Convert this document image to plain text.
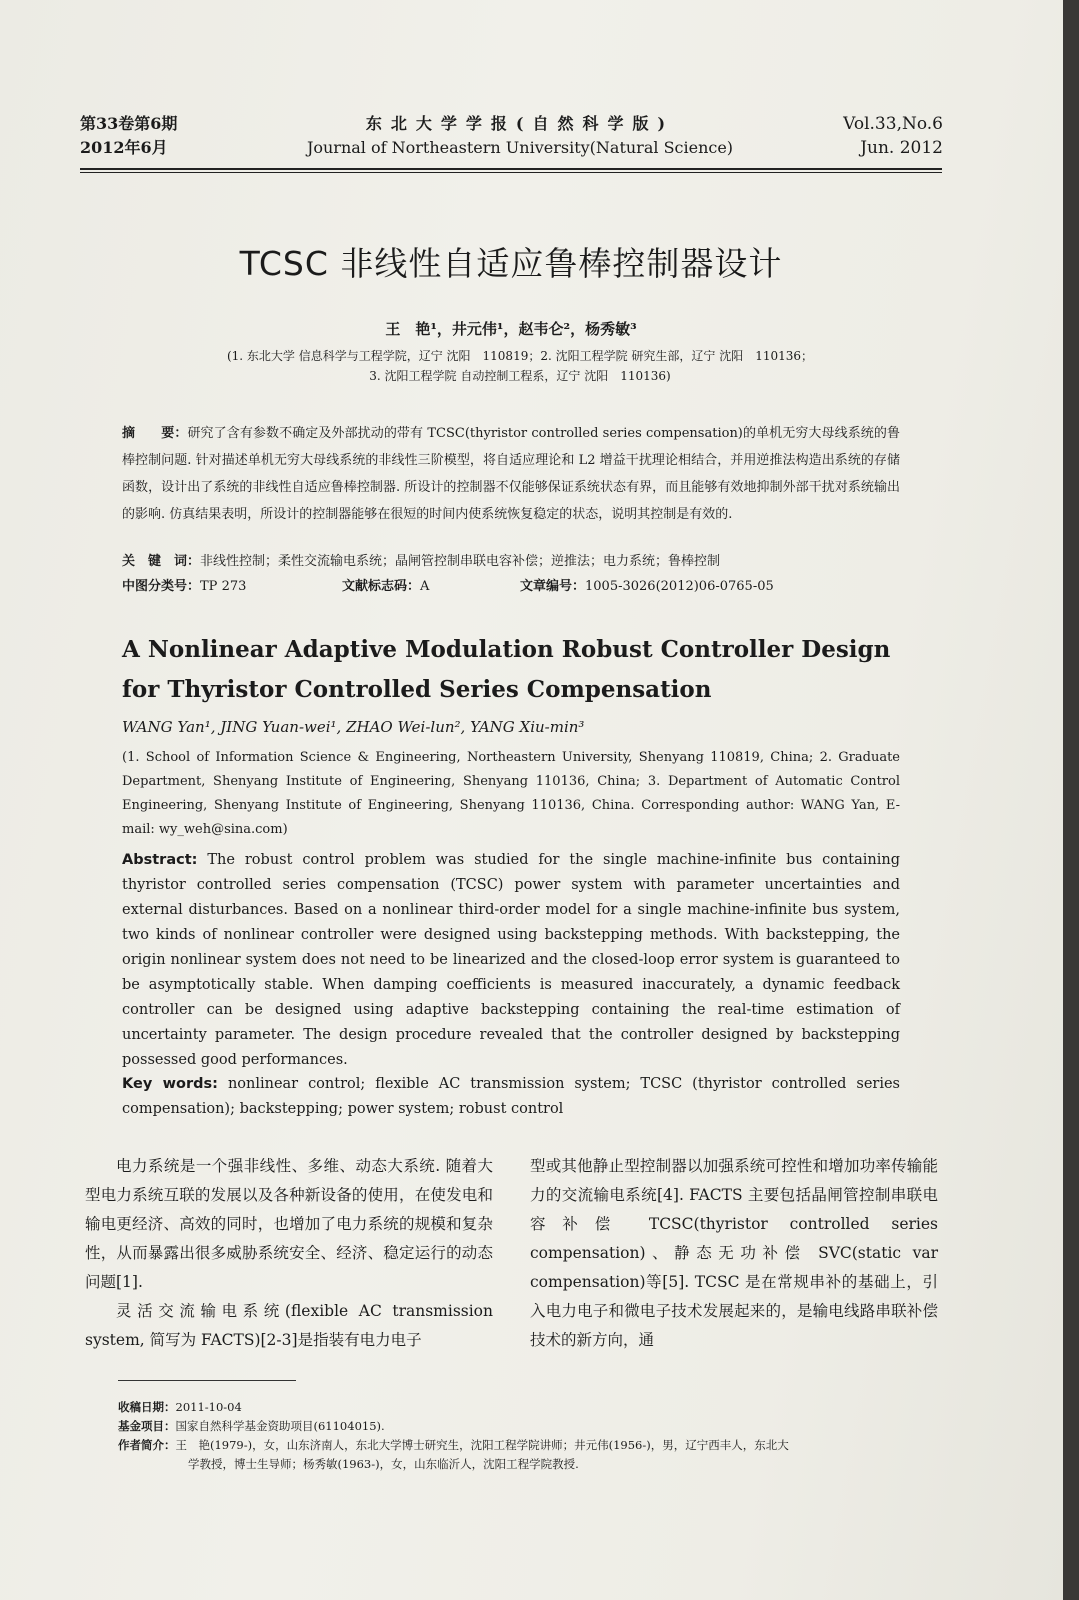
第33卷第6期
2012年6月
东北大学学报(自然科学版)
Journal of Northeastern University(Natural Science)
Vol.33,No.6
Jun. 2012
TCSC 非线性自适应鲁棒控制器设计
王　艳¹，井元伟¹，赵韦仑²，杨秀敏³
(1. 东北大学 信息科学与工程学院，辽宁 沈阳　110819；2. 沈阳工程学院 研究生部，辽宁 沈阳　110136；
3. 沈阳工程学院 自动控制工程系，辽宁 沈阳　110136)
摘　　要：研究了含有参数不确定及外部扰动的带有 TCSC(thyristor controlled series compensation)的单机无穷大母线系统的鲁棒控制问题. 针对描述单机无穷大母线系统的非线性三阶模型，将自适应理论和 L2 增益干扰理论相结合，并用逆推法构造出系统的存储函数，设计出了系统的非线性自适应鲁棒控制器. 所设计的控制器不仅能够保证系统状态有界，而且能够有效地抑制外部干扰对系统输出的影响. 仿真结果表明，所设计的控制器能够在很短的时间内使系统恢复稳定的状态，说明其控制是有效的.
关　键　词：非线性控制；柔性交流输电系统；晶闸管控制串联电容补偿；逆推法；电力系统；鲁棒控制
中图分类号：TP 273	文献标志码：A	文章编号：1005-3026(2012)06-0765-05
A Nonlinear Adaptive Modulation Robust Controller Design for Thyristor Controlled Series Compensation
WANG Yan¹, JING Yuan-wei¹, ZHAO Wei-lun², YANG Xiu-min³
(1. School of Information Science & Engineering, Northeastern University, Shenyang 110819, China; 2. Graduate Department, Shenyang Institute of Engineering, Shenyang 110136, China; 3. Department of Automatic Control Engineering, Shenyang Institute of Engineering, Shenyang 110136, China. Corresponding author: WANG Yan, E-mail: wy_weh@sina.com)
Abstract: The robust control problem was studied for the single machine-infinite bus containing thyristor controlled series compensation (TCSC) power system with parameter uncertainties and external disturbances. Based on a nonlinear third-order model for a single machine-infinite bus system, two kinds of nonlinear controller were designed using backstepping methods. With backstepping, the origin nonlinear system does not need to be linearized and the closed-loop error system is guaranteed to be asymptotically stable. When damping coefficients is measured inaccurately, a dynamic feedback controller can be designed using adaptive backstepping containing the real-time estimation of uncertainty parameter. The design procedure revealed that the controller designed by backstepping possessed good performances.
Key words: nonlinear control; flexible AC transmission system; TCSC (thyristor controlled series compensation); backstepping; power system; robust control

电力系统是一个强非线性、多维、动态大系统. 随着大型电力系统互联的发展以及各种新设备的使用，在使发电和输电更经济、高效的同时，也增加了电力系统的规模和复杂性，从而暴露出很多威胁系统安全、经济、稳定运行的动态问题[1].

灵活交流输电系统(flexible AC transmission system, 简写为 FACTS)[2-3]是指装有电力电子

型或其他静止型控制器以加强系统可控性和增加功率传输能力的交流输电系统[4]. FACTS 主要包括晶闸管控制串联电容补偿 TCSC(thyristor controlled series compensation)、静态无功补偿 SVC(static var compensation)等[5]. TCSC 是在常规串补的基础上，引入电力电子和微电子技术发展起来的，是输电线路串联补偿技术的新方向，通

收稿日期：2011-10-04
基金项目：国家自然科学基金资助项目(61104015).
作者简介：王　艳(1979-)，女，山东济南人，东北大学博士研究生，沈阳工程学院讲师；井元伟(1956-)，男，辽宁西丰人，东北大
学教授，博士生导师；杨秀敏(1963-)，女，山东临沂人，沈阳工程学院教授.
